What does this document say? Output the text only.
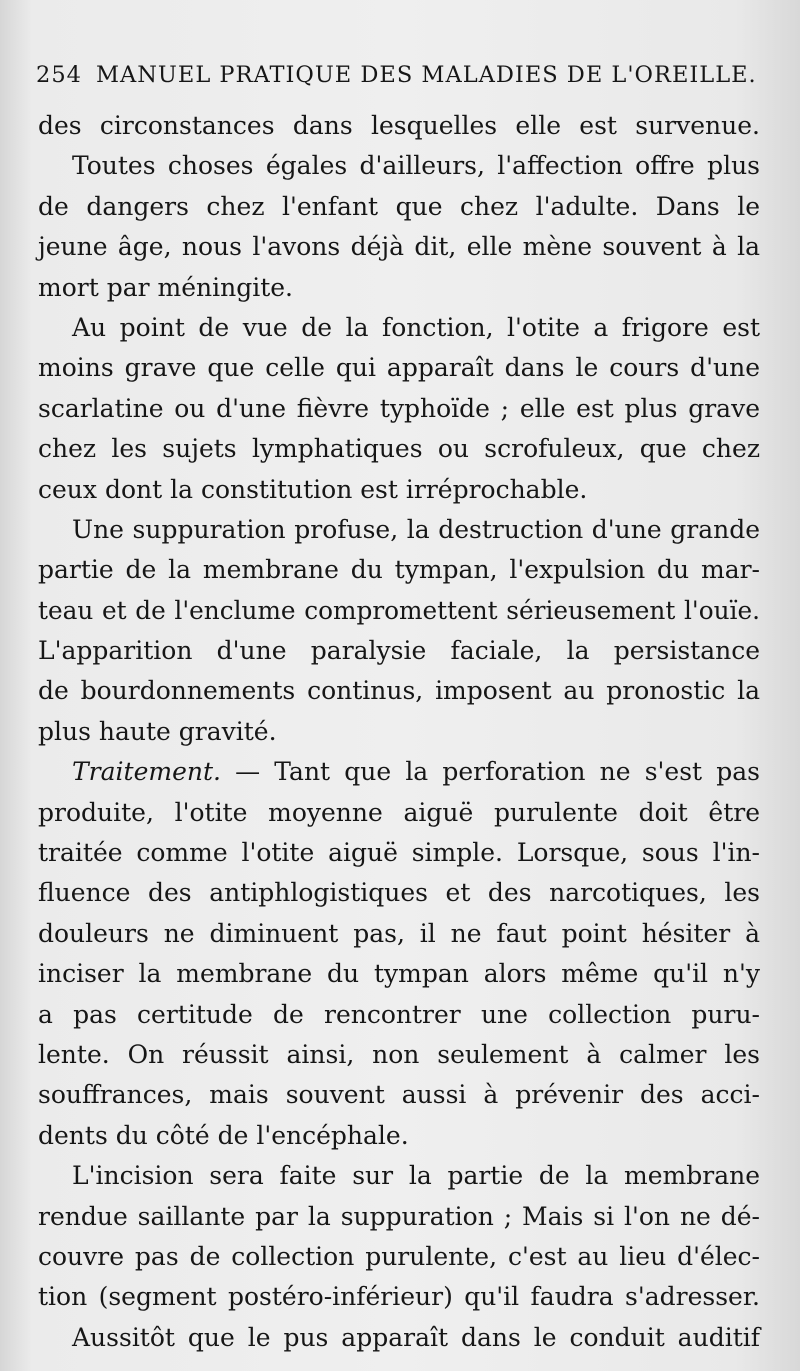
254 MANUEL PRATIQUE DES MALADIES DE L'OREILLE.
des circonstances dans lesquelles elle est survenue.
Toutes choses égales d'ailleurs, l'affection offre plus
de dangers chez l'enfant que chez l'adulte. Dans le
jeune âge, nous l'avons déjà dit, elle mène souvent à la
mort par méningite.
Au point de vue de la fonction, l'otite a frigore est
moins grave que celle qui apparaît dans le cours d'une
scarlatine ou d'une fièvre typhoïde ; elle est plus grave
chez les sujets lymphatiques ou scrofuleux, que chez
ceux dont la constitution est irréprochable.
Une suppuration profuse, la destruction d'une grande
partie de la membrane du tympan, l'expulsion du mar-
teau et de l'enclume compromettent sérieusement l'ouïe.
L'apparition d'une paralysie faciale, la persistance
de bourdonnements continus, imposent au pronostic la
plus haute gravité.
Traitement. — Tant que la perforation ne s'est pas
produite, l'otite moyenne aiguë purulente doit être
traitée comme l'otite aiguë simple. Lorsque, sous l'in-
fluence des antiphlogistiques et des narcotiques, les
douleurs ne diminuent pas, il ne faut point hésiter à
inciser la membrane du tympan alors même qu'il n'y
a pas certitude de rencontrer une collection puru-
lente. On réussit ainsi, non seulement à calmer les
souffrances, mais souvent aussi à prévenir des acci-
dents du côté de l'encéphale.
L'incision sera faite sur la partie de la membrane
rendue saillante par la suppuration ; Mais si l'on ne dé-
couvre pas de collection purulente, c'est au lieu d'élec-
tion (segment postéro-inférieur) qu'il faudra s'adresser.
Aussitôt que le pus apparaît dans le conduit auditif
